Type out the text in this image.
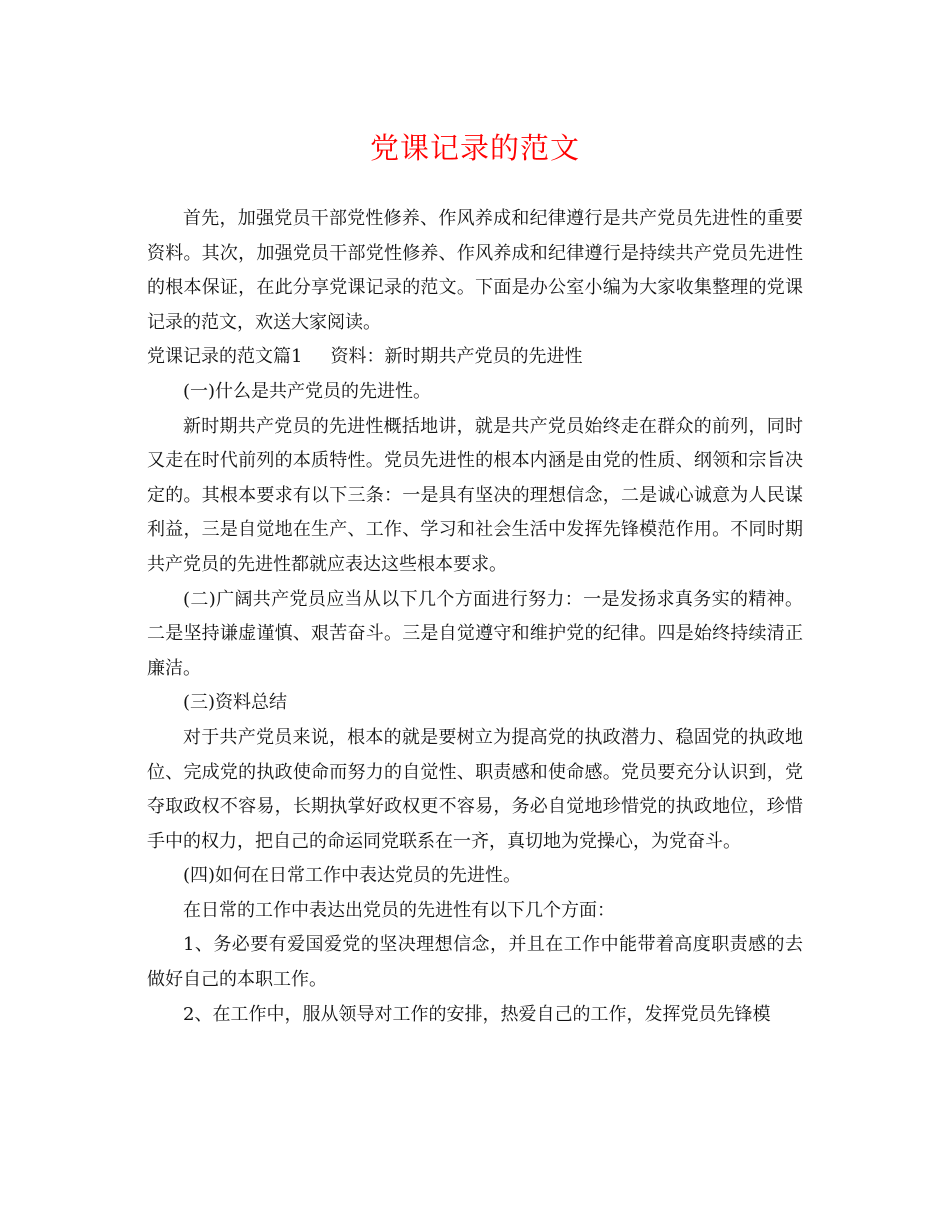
党课记录的范文

首先，加强党员干部党性修养、作风养成和纪律遵行是共产党员先进性的重要资料。其次，加强党员干部党性修养、作风养成和纪律遵行是持续共产党员先进性的根本保证，在此分享党课记录的范文。下面是办公室小编为大家收集整理的党课记录的范文，欢送大家阅读。

党课记录的范文篇1 资料：新时期共产党员的先进性

(一)什么是共产党员的先进性。

新时期共产党员的先进性概括地讲，就是共产党员始终走在群众的前列，同时又走在时代前列的本质特性。党员先进性的根本内涵是由党的性质、纲领和宗旨决定的。其根本要求有以下三条：一是具有坚决的理想信念，二是诚心诚意为人民谋利益，三是自觉地在生产、工作、学习和社会生活中发挥先锋模范作用。不同时期共产党员的先进性都就应表达这些根本要求。

(二)广阔共产党员应当从以下几个方面进行努力：一是发扬求真务实的精神。二是坚持谦虚谨慎、艰苦奋斗。三是自觉遵守和维护党的纪律。四是始终持续清正廉洁。

(三)资料总结

对于共产党员来说，根本的就是要树立为提高党的执政潜力、稳固党的执政地位、完成党的执政使命而努力的自觉性、职责感和使命感。党员要充分认识到，党夺取政权不容易，长期执掌好政权更不容易，务必自觉地珍惜党的执政地位，珍惜手中的权力，把自己的命运同党联系在一齐，真切地为党操心，为党奋斗。

(四)如何在日常工作中表达党员的先进性。

在日常的工作中表达出党员的先进性有以下几个方面：

1、务必要有爱国爱党的坚决理想信念，并且在工作中能带着高度职责感的去做好自己的本职工作。

2、在工作中，服从领导对工作的安排，热爱自己的工作，发挥党员先锋模
